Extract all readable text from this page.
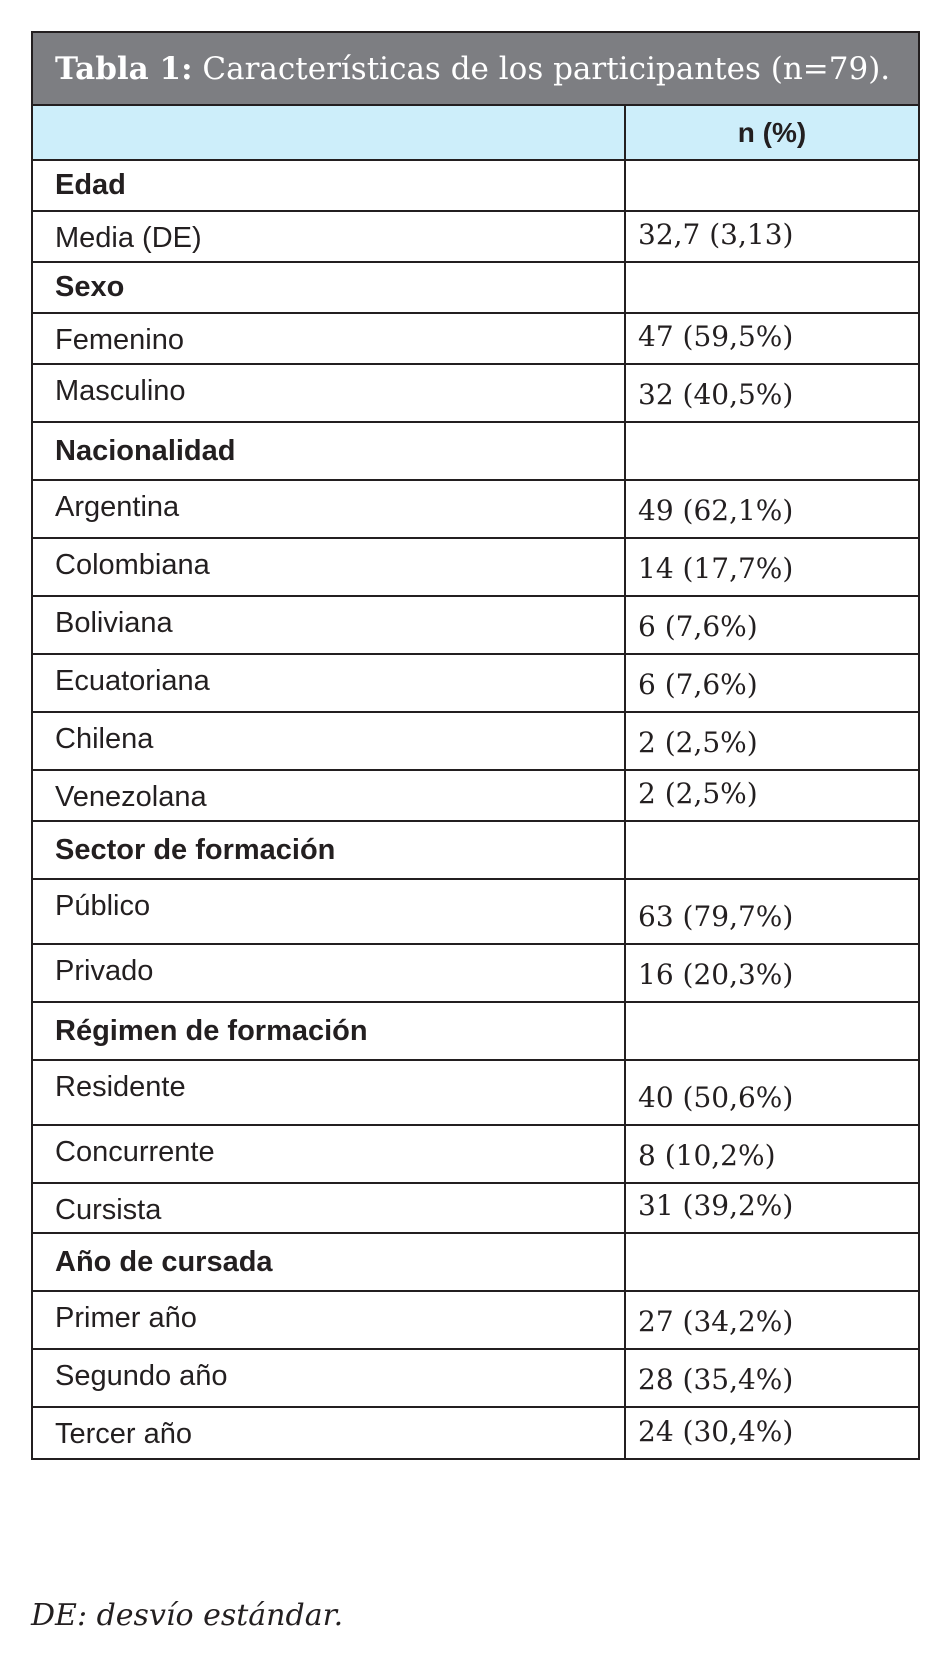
Tabla 1:
Características de los participantes (n=79).
n (%)
Edad
Media (DE)	32,7 (3,13)
Sexo
Femenino	47 (59,5%)
Masculino	32 (40,5%)
Nacionalidad
Argentina	49 (62,1%)
Colombiana	14 (17,7%)
Boliviana	6 (7,6%)
Ecuatoriana	6 (7,6%)
Chilena	2 (2,5%)
Venezolana	2 (2,5%)
Sector de formación
Público	63 (79,7%)
Privado	16 (20,3%)
Régimen de formación
Residente	40 (50,6%)
Concurrente	8 (10,2%)
Cursista	31 (39,2%)
Año de cursada
Primer año	27 (34,2%)
Segundo año	28 (35,4%)
Tercer año	24 (30,4%)
DE: desvío estándar.
